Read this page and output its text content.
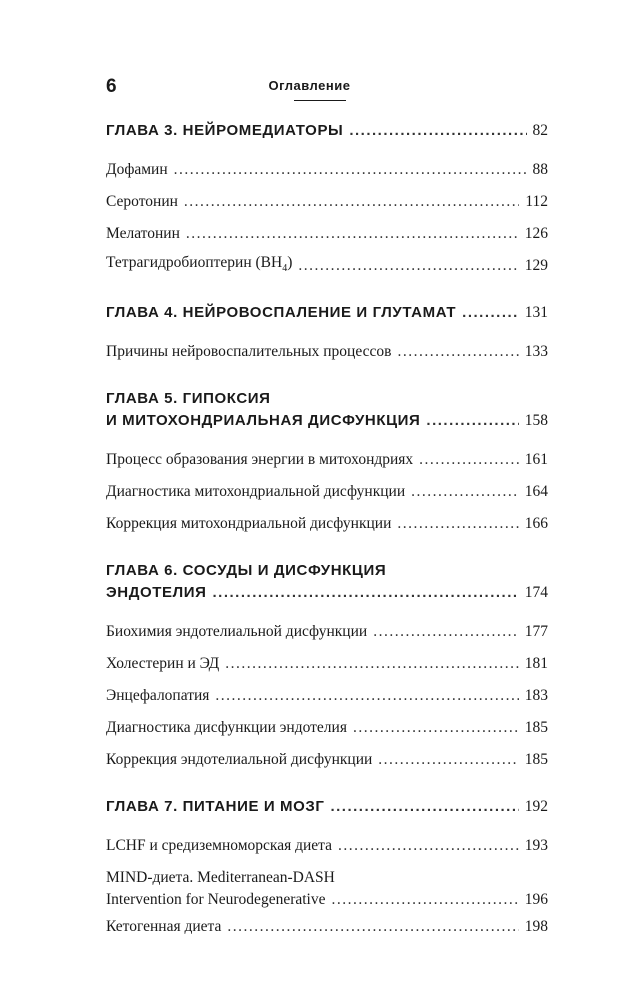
6	Оглавление
ГЛАВА 3. НЕЙРОМЕДИАТОРЫ .....	82
Дофамин .....	88
Серотонин .....	112
Мелатонин .....	126
Тетрагидробиоптерин $(BH_4)$ .....	129
ГЛАВА 4. НЕЙРОВОСПАЛЕНИЕ И ГЛУТАМАТ .....	131
Причины нейровоспалительных процессов .....	133
ГЛАВА 5. ГИПОКСИЯ
И МИТОХОНДРИАЛЬНАЯ ДИСФУНКЦИЯ .....	158
Процесс образования энергии в митохондриях .....	161
Диагностика митохондриальной дисфункции .....	164
Коррекция митохондриальной дисфункции .....	166
ГЛАВА 6. СОСУДЫ И ДИСФУНКЦИЯ
ЭНДОТЕЛИЯ .....	174
Биохимия эндотелиальной дисфункции .....	177
Холестерин и ЭД .....	181
Энцефалопатия .....	183
Диагностика дисфункции эндотелия .....	185
Коррекция эндотелиальной дисфункции .....	185
ГЛАВА 7. ПИТАНИЕ И МОЗГ .....	192
LCHF и средиземноморская диета .....	193
MIND-диета. Mediterranean-DASH
Intervention for Neurodegenerative .....	196
Кетогенная диета .....	198
